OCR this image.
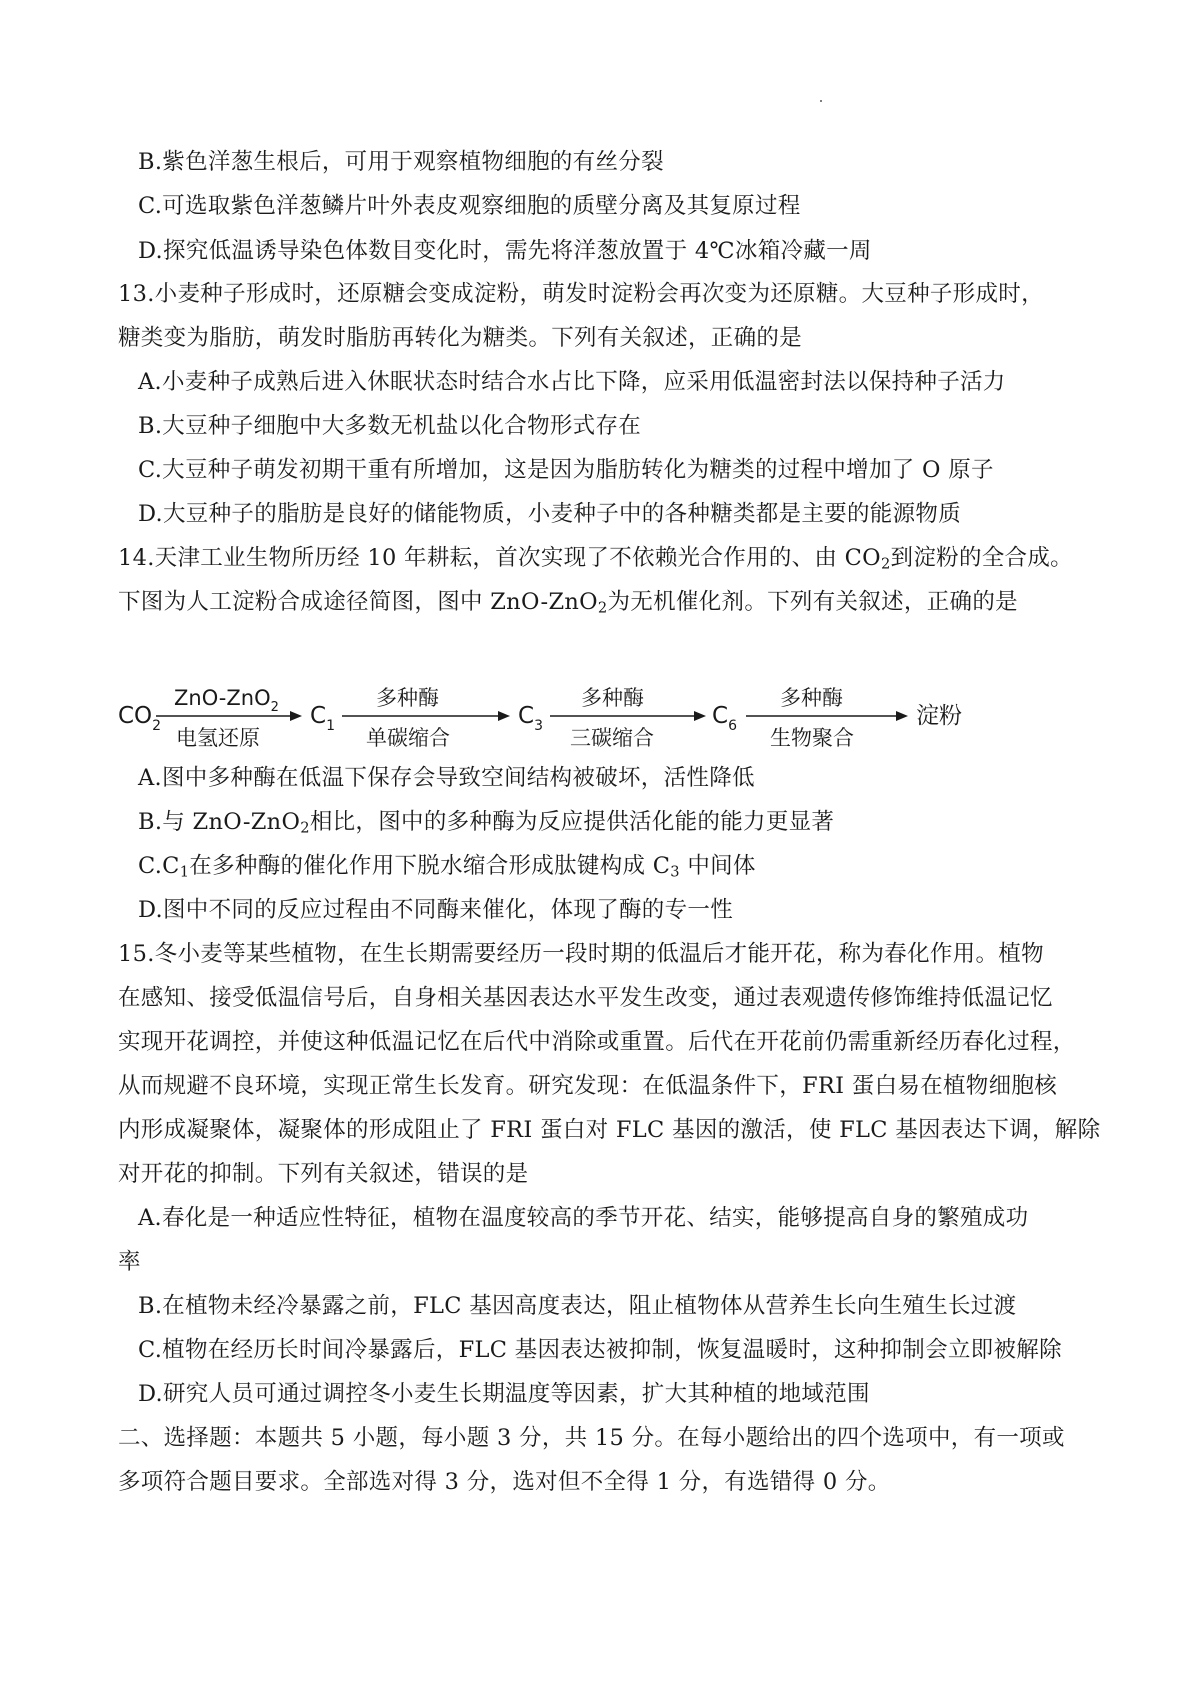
B.紫色洋葱生根后，可用于观察植物细胞的有丝分裂
C.可选取紫色洋葱鳞片叶外表皮观察细胞的质壁分离及其复原过程
D.探究低温诱导染色体数目变化时，需先将洋葱放置于 4℃冰箱冷藏一周
13.小麦种子形成时，还原糖会变成淀粉，萌发时淀粉会再次变为还原糖。大豆种子形成时，
糖类变为脂肪，萌发时脂肪再转化为糖类。下列有关叙述，正确的是
A.小麦种子成熟后进入休眠状态时结合水占比下降，应采用低温密封法以保持种子活力
B.大豆种子细胞中大多数无机盐以化合物形式存在
C.大豆种子萌发初期干重有所增加，这是因为脂肪转化为糖类的过程中增加了 O 原子
D.大豆种子的脂肪是良好的储能物质，小麦种子中的各种糖类都是主要的能源物质
14.天津工业生物所历经 10 年耕耘，首次实现了不依赖光合作用的、由 $CO_2$到淀粉的全合成。
下图为人工淀粉合成途径简图，图中 ZnO-ZnO$_2$为无机催化剂。下列有关叙述，正确的是
$CO_2$
ZnO-ZnO$_2$
电氢还原
$C_1$
多种酶
单碳缩合
$C_3$
多种酶
三碳缩合
$C_6$
多种酶
生物聚合
淀粉
A.图中多种酶在低温下保存会导致空间结构被破坏，活性降低
B.与 ZnO-ZnO$_2$相比，图中的多种酶为反应提供活化能的能力更显著
$C.C_1$在多种酶的催化作用下脱水缩合形成肽键构成 $C_3$ 中间体
D.图中不同的反应过程由不同酶来催化，体现了酶的专一性
15.冬小麦等某些植物，在生长期需要经历一段时期的低温后才能开花，称为春化作用。植物
在感知、接受低温信号后，自身相关基因表达水平发生改变，通过表观遗传修饰维持低温记忆
实现开花调控，并使这种低温记忆在后代中消除或重置。后代在开花前仍需重新经历春化过程，
从而规避不良环境，实现正常生长发育。研究发现：在低温条件下，FRI 蛋白易在植物细胞核
内形成凝聚体，凝聚体的形成阻止了 FRI 蛋白对 FLC 基因的激活，使 FLC 基因表达下调，解除
对开花的抑制。下列有关叙述，错误的是
A.春化是一种适应性特征，植物在温度较高的季节开花、结实，能够提高自身的繁殖成功
率
B.在植物未经冷暴露之前，FLC 基因高度表达，阻止植物体从营养生长向生殖生长过渡
C.植物在经历长时间冷暴露后，FLC 基因表达被抑制，恢复温暖时，这种抑制会立即被解除
D.研究人员可通过调控冬小麦生长期温度等因素，扩大其种植的地域范围
二、选择题：本题共 5 小题，每小题 3 分，共 15 分。在每小题给出的四个选项中，有一项或
多项符合题目要求。全部选对得 3 分，选对但不全得 1 分，有选错得 0 分。
